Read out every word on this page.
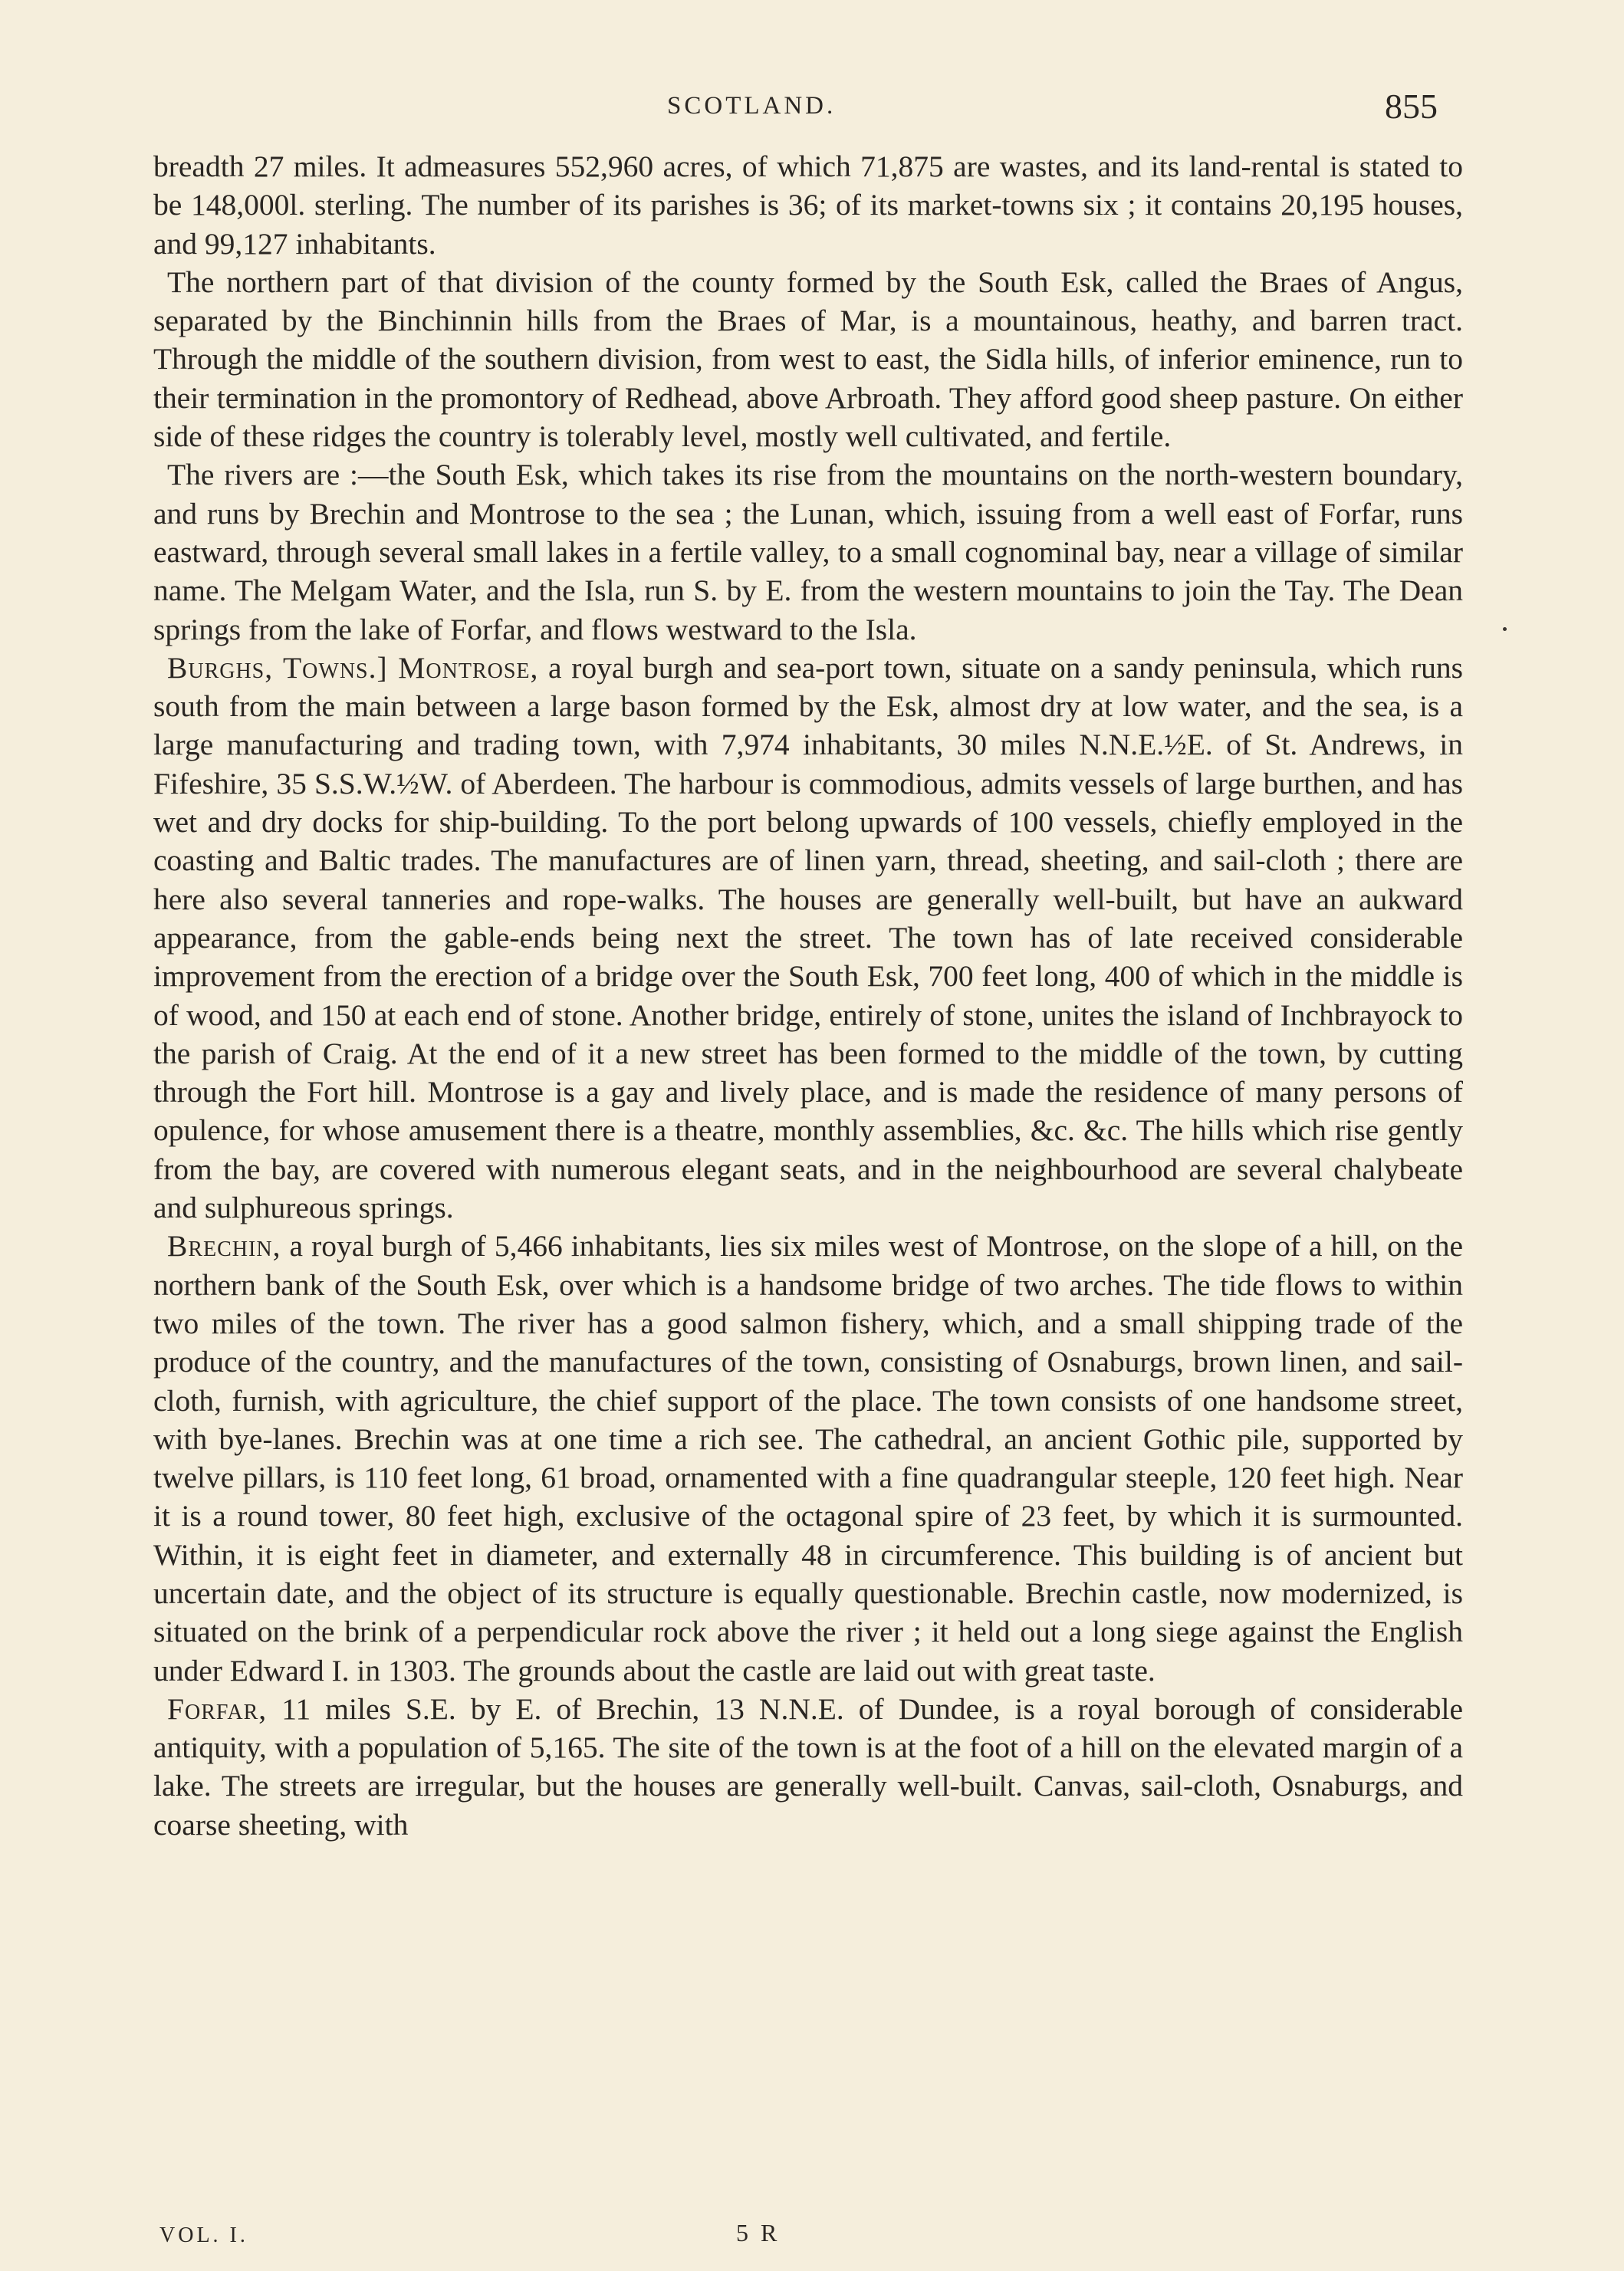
SCOTLAND.	855

breadth 27 miles. It admeasures 552,960 acres, of which 71,875 are wastes, and its land-rental is stated to be 148,000l. sterling. The number of its parishes is 36; of its market-towns six ; it contains 20,195 houses, and 99,127 inhabitants.

The northern part of that division of the county formed by the South Esk, called the Braes of Angus, separated by the Binchinnin hills from the Braes of Mar, is a mountainous, heathy, and barren tract. Through the middle of the southern division, from west to east, the Sidla hills, of inferior eminence, run to their termination in the promontory of Redhead, above Arbroath. They afford good sheep pasture. On either side of these ridges the country is tolerably level, mostly well cultivated, and fertile.

The rivers are :—the South Esk, which takes its rise from the mountains on the north-western boundary, and runs by Brechin and Montrose to the sea ; the Lunan, which, issuing from a well east of Forfar, runs eastward, through several small lakes in a fertile valley, to a small cognominal bay, near a village of similar name. The Melgam Water, and the Isla, run S. by E. from the western mountains to join the Tay. The Dean springs from the lake of Forfar, and flows westward to the Isla.

Burghs, Towns.] Montrose, a royal burgh and sea-port town, situate on a sandy peninsula, which runs south from the main between a large bason formed by the Esk, almost dry at low water, and the sea, is a large manufacturing and trading town, with 7,974 inhabitants, 30 miles N.N.E.½E. of St. Andrews, in Fifeshire, 35 S.S.W.½W. of Aberdeen. The harbour is commodious, admits vessels of large burthen, and has wet and dry docks for ship-building. To the port belong upwards of 100 vessels, chiefly employed in the coasting and Baltic trades. The manufactures are of linen yarn, thread, sheeting, and sail-cloth ; there are here also several tanneries and rope-walks. The houses are generally well-built, but have an aukward appearance, from the gable-ends being next the street. The town has of late received considerable improvement from the erection of a bridge over the South Esk, 700 feet long, 400 of which in the middle is of wood, and 150 at each end of stone. Another bridge, entirely of stone, unites the island of Inchbrayock to the parish of Craig. At the end of it a new street has been formed to the middle of the town, by cutting through the Fort hill. Montrose is a gay and lively place, and is made the residence of many persons of opulence, for whose amusement there is a theatre, monthly assemblies, &c. &c. The hills which rise gently from the bay, are covered with numerous elegant seats, and in the neighbourhood are several chalybeate and sulphureous springs.

Brechin, a royal burgh of 5,466 inhabitants, lies six miles west of Montrose, on the slope of a hill, on the northern bank of the South Esk, over which is a handsome bridge of two arches. The tide flows to within two miles of the town. The river has a good salmon fishery, which, and a small shipping trade of the produce of the country, and the manufactures of the town, consisting of Osnaburgs, brown linen, and sail-cloth, furnish, with agriculture, the chief support of the place. The town consists of one handsome street, with bye-lanes. Brechin was at one time a rich see. The cathedral, an ancient Gothic pile, supported by twelve pillars, is 110 feet long, 61 broad, ornamented with a fine quadrangular steeple, 120 feet high. Near it is a round tower, 80 feet high, exclusive of the octagonal spire of 23 feet, by which it is surmounted. Within, it is eight feet in diameter, and externally 48 in circumference. This building is of ancient but uncertain date, and the object of its structure is equally questionable. Brechin castle, now modernized, is situated on the brink of a perpendicular rock above the river ; it held out a long siege against the English under Edward I. in 1303. The grounds about the castle are laid out with great taste.

Forfar, 11 miles S.E. by E. of Brechin, 13 N.N.E. of Dundee, is a royal borough of considerable antiquity, with a population of 5,165. The site of the town is at the foot of a hill on the elevated margin of a lake. The streets are irregular, but the houses are generally well-built. Canvas, sail-cloth, Osnaburgs, and coarse sheeting, with

VOL. I.	5 R
